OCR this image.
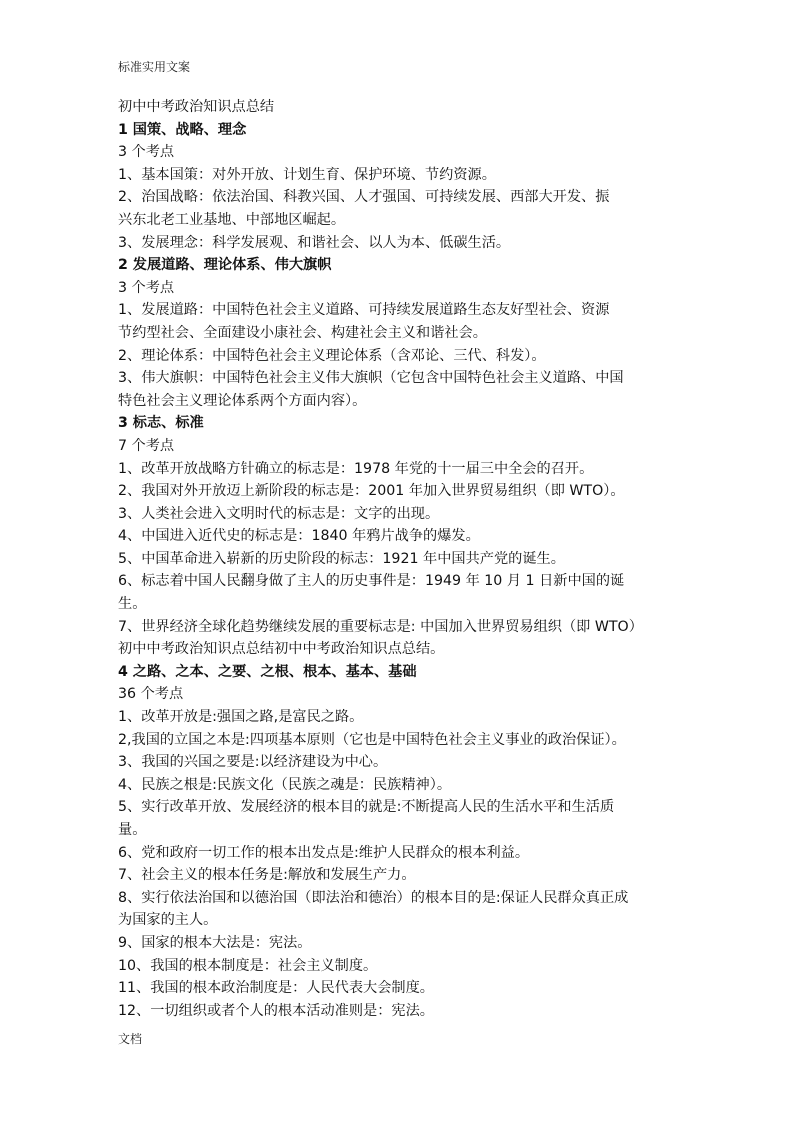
标准实用文案
初中中考政治知识点总结
1 国策、战略、理念
3 个考点
1、基本国策：对外开放、计划生育、保护环境、节约资源。
2、治国战略：依法治国、科教兴国、人才强国、可持续发展、西部大开发、振
兴东北老工业基地、中部地区崛起。
3、发展理念：科学发展观、和谐社会、以人为本、低碳生活。
2 发展道路、理论体系、伟大旗帜
3 个考点
1、发展道路：中国特色社会主义道路、可持续发展道路生态友好型社会、资源
节约型社会、全面建设小康社会、构建社会主义和谐社会。
2、理论体系：中国特色社会主义理论体系（含邓论、三代、科发）。
3、伟大旗帜：中国特色社会主义伟大旗帜（它包含中国特色社会主义道路、中国
特色社会主义理论体系两个方面内容）。
3 标志、标准
7 个考点
1、改革开放战略方针确立的标志是：1978 年党的十一届三中全会的召开。
2、我国对外开放迈上新阶段的标志是：2001 年加入世界贸易组织（即 WTO）。
3、人类社会进入文明时代的标志是：文字的出现。
4、中国进入近代史的标志是：1840 年鸦片战争的爆发。
5、中国革命进入崭新的历史阶段的标志：1921 年中国共产党的诞生。
6、标志着中国人民翻身做了主人的历史事件是：1949 年 10 月 1 日新中国的诞
生。
7、世界经济全球化趋势继续发展的重要标志是: 中国加入世界贸易组织（即 WTO）
初中中考政治知识点总结初中中考政治知识点总结。
4 之路、之本、之要、之根、根本、基本、基础
36 个考点
1、改革开放是:强国之路,是富民之路。
2,我国的立国之本是:四项基本原则（它也是中国特色社会主义事业的政治保证）。
3、我国的兴国之要是:以经济建设为中心。
4、民族之根是:民族文化（民族之魂是：民族精神）。
5、实行改革开放、发展经济的根本目的就是:不断提高人民的生活水平和生活质
量。
6、党和政府一切工作的根本出发点是:维护人民群众的根本利益。
7、社会主义的根本任务是:解放和发展生产力。
8、实行依法治国和以德治国（即法治和德治）的根本目的是:保证人民群众真正成
为国家的主人。
9、国家的根本大法是：宪法。
10、我国的根本制度是：社会主义制度。
11、我国的根本政治制度是：人民代表大会制度。
12、一切组织或者个人的根本活动准则是：宪法。
文档
